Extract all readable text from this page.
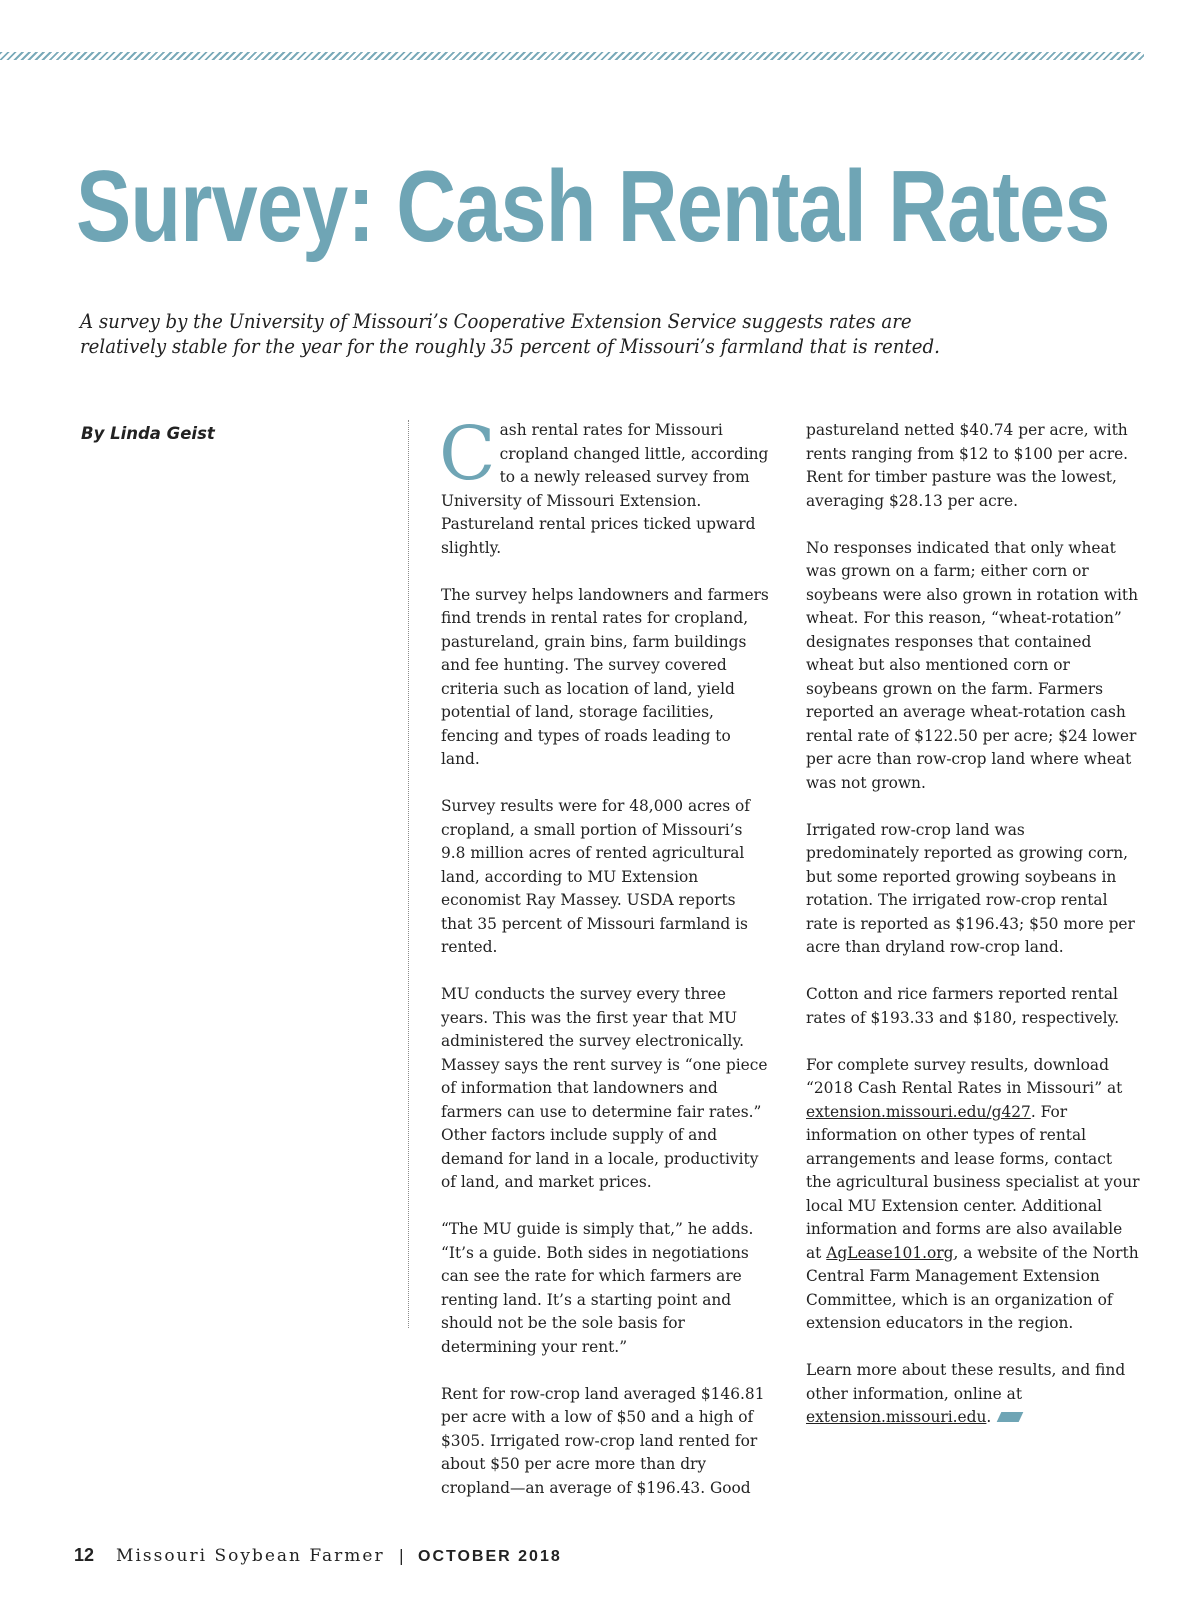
Survey: Cash Rental Rates
A survey by the University of Missouri’s Cooperative Extension Service suggests rates are
relatively stable for the year for the roughly 35 percent of Missouri’s farmland that is rented.

By Linda Geist	Cash rental rates for Missouri cropland changed little, according to a newly released survey from University of Missouri Extension. Pastureland rental prices ticked upward slightly.

The survey helps landowners and farmers find trends in rental rates for cropland, pastureland, grain bins, farm buildings and fee hunting. The survey covered criteria such as location of land, yield potential of land, storage facilities, fencing and types of roads leading to land.

Survey results were for 48,000 acres of cropland, a small portion of Missouri’s 9.8 million acres of rented agricultural land, according to MU Extension economist Ray Massey. USDA reports that 35 percent of Missouri farmland is rented.

MU conducts the survey every three years. This was the first year that MU administered the survey electronically. Massey says the rent survey is “one piece of information that landowners and farmers can use to determine fair rates.” Other factors include supply of and demand for land in a locale, productivity of land, and market prices.

“The MU guide is simply that,” he adds. “It’s a guide. Both sides in negotiations can see the rate for which farmers are renting land. It’s a starting point and should not be the sole basis for determining your rent.”

Rent for row-crop land averaged $146.81 per acre with a low of $50 and a high of $305. Irrigated row-crop land rented for about $50 per acre more than dry cropland—an average of $196.43. Good

pastureland netted $40.74 per acre, with rents ranging from $12 to $100 per acre. Rent for timber pasture was the lowest, averaging $28.13 per acre.

No responses indicated that only wheat was grown on a farm; either corn or soybeans were also grown in rotation with wheat. For this reason, “wheat-rotation” designates responses that contained wheat but also mentioned corn or soybeans grown on the farm. Farmers reported an average wheat-rotation cash rental rate of $122.50 per acre; $24 lower per acre than row-crop land where wheat was not grown.

Irrigated row-crop land was predominately reported as growing corn, but some reported growing soybeans in rotation. The irrigated row-crop rental rate is reported as $196.43; $50 more per acre than dryland row-crop land.

Cotton and rice farmers reported rental rates of $193.33 and $180, respectively.

For complete survey results, download “2018 Cash Rental Rates in Missouri” at extension.missouri.edu/g427. For information on other types of rental arrangements and lease forms, contact the agricultural business specialist at your local MU Extension center. Additional information and forms are also available at AgLease101.org, a website of the North Central Farm Management Extension Committee, which is an organization of extension educators in the region.

Learn more about these results, and find other information, online at extension.missouri.edu.

12 Missouri Soybean Farmer | OCTOBER 2018
